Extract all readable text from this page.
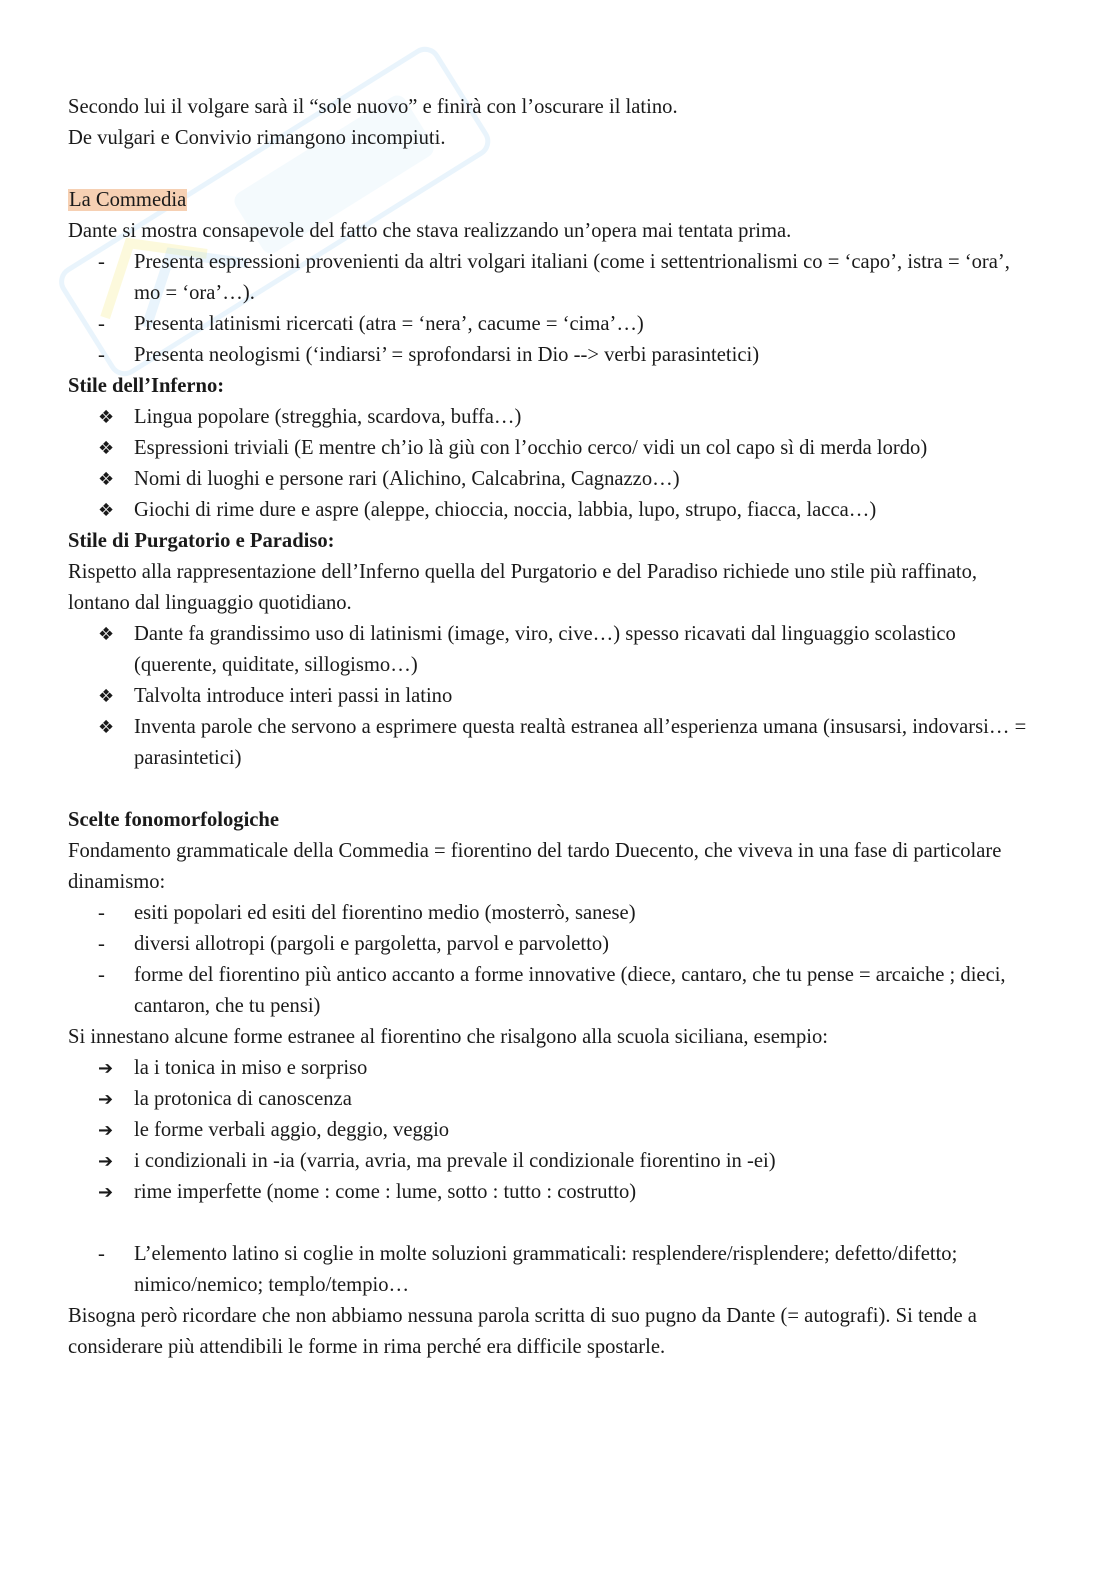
Secondo lui il volgare sarà il “sole nuovo” e finirà con l’oscurare il latino.

De vulgari e Convivio rimangono incompiuti.

La Commedia

Dante si mostra consapevole del fatto che stava realizzando un’opera mai tentata prima.

-	Presenta espressioni provenienti da altri volgari italiani (come i settentrionalismi co = ‘capo’, istra = ‘ora’, mo = ‘ora’…).
-	Presenta latinismi ricercati (atra = ‘nera’, cacume = ‘cima’…)
-	Presenta neologismi (‘indiarsi’ = sprofondarsi in Dio --> verbi parasintetici)

Stile dell’Inferno:

❖ Lingua popolare (stregghia, scardova, buffa…)
❖ Espressioni triviali (E mentre ch’io là giù con l’occhio cerco/ vidi un col capo sì di merda lordo)
❖ Nomi di luoghi e persone rari (Alichino, Calcabrina, Cagnazzo…)
❖ Giochi di rime dure e aspre (aleppe, chioccia, noccia, labbia, lupo, strupo, fiacca, lacca…)

Stile di Purgatorio e Paradiso:

Rispetto alla rappresentazione dell’Inferno quella del Purgatorio e del Paradiso richiede uno stile più raffinato, lontano dal linguaggio quotidiano.

❖ Dante fa grandissimo uso di latinismi (image, viro, cive…) spesso ricavati dal linguaggio scolastico (querente, quiditate, sillogismo…)
❖ Talvolta introduce interi passi in latino
❖ Inventa parole che servono a esprimere questa realtà estranea all’esperienza umana (insusarsi, indovarsi… = parasintetici)

Scelte fonomorfologiche

Fondamento grammaticale della Commedia = fiorentino del tardo Duecento, che viveva in una fase di particolare dinamismo:

-	esiti popolari ed esiti del fiorentino medio (mosterrò, sanese)
-	diversi allotropi (pargoli e pargoletta, parvol e parvoletto)
-	forme del fiorentino più antico accanto a forme innovative (diece, cantaro, che tu pense = arcaiche ; dieci, cantaron, che tu pensi)

Si innestano alcune forme estranee al fiorentino che risalgono alla scuola siciliana, esempio:

➔	la i tonica in miso e sorpriso
➔	la protonica di canoscenza
➔	le forme verbali aggio, deggio, veggio
➔	i condizionali in -ia (varria, avria, ma prevale il condizionale fiorentino in -ei)
➔	rime imperfette (nome : come : lume, sotto : tutto : costrutto)
-	L’elemento latino si coglie in molte soluzioni grammaticali: resplendere/risplendere; defetto/difetto; nimico/nemico; templo/tempio…

Bisogna però ricordare che non abbiamo nessuna parola scritta di suo pugno da Dante (= autografi). Si tende a considerare più attendibili le forme in rima perché era difficile spostarle.
